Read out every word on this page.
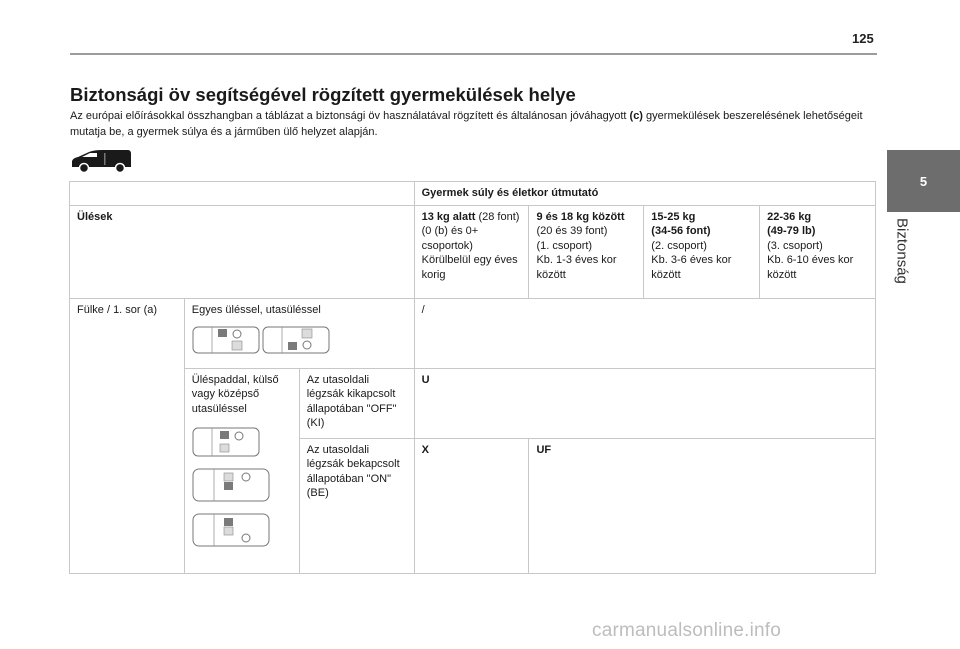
125
5
Biztonság
Biztonsági öv segítségével rögzített gyermekülések helye

Az európai előírásokkal összhangban a táblázat a biztonsági öv használatával rögzített és általánosan jóváhagyott (c) gyermekülések beszerelésének lehetőségeit mutatja be, a gyermek súlya és a járműben ülő helyzet alapján.

			Gyermek súly és életkor útmutató			
Ülések			13 kg alatt (28 font)
(0 (b) és 0+ csoportok)
Körülbelül egy éves korig	9 és 18 kg között
(20 és 39 font)
(1. csoport)
Kb. 1-3 éves kor között	15-25 kg
(34-56 font)
(2. csoport)
Kb. 3-6 éves kor között	22-36 kg
(49-79 lb)
(3. csoport)
Kb. 6-10 éves kor között
Fülke / 1. sor (a)	Egyes üléssel, utasüléssel		/			
	Üléspaddal, külső vagy középső utasüléssel	Az utasoldali légzsák kikapcsolt állapotában "OFF" (KI)	U			
		Az utasoldali légzsák bekapcsolt állapotában "ON" (BE)	X	UF		
carmanualsonline.info
